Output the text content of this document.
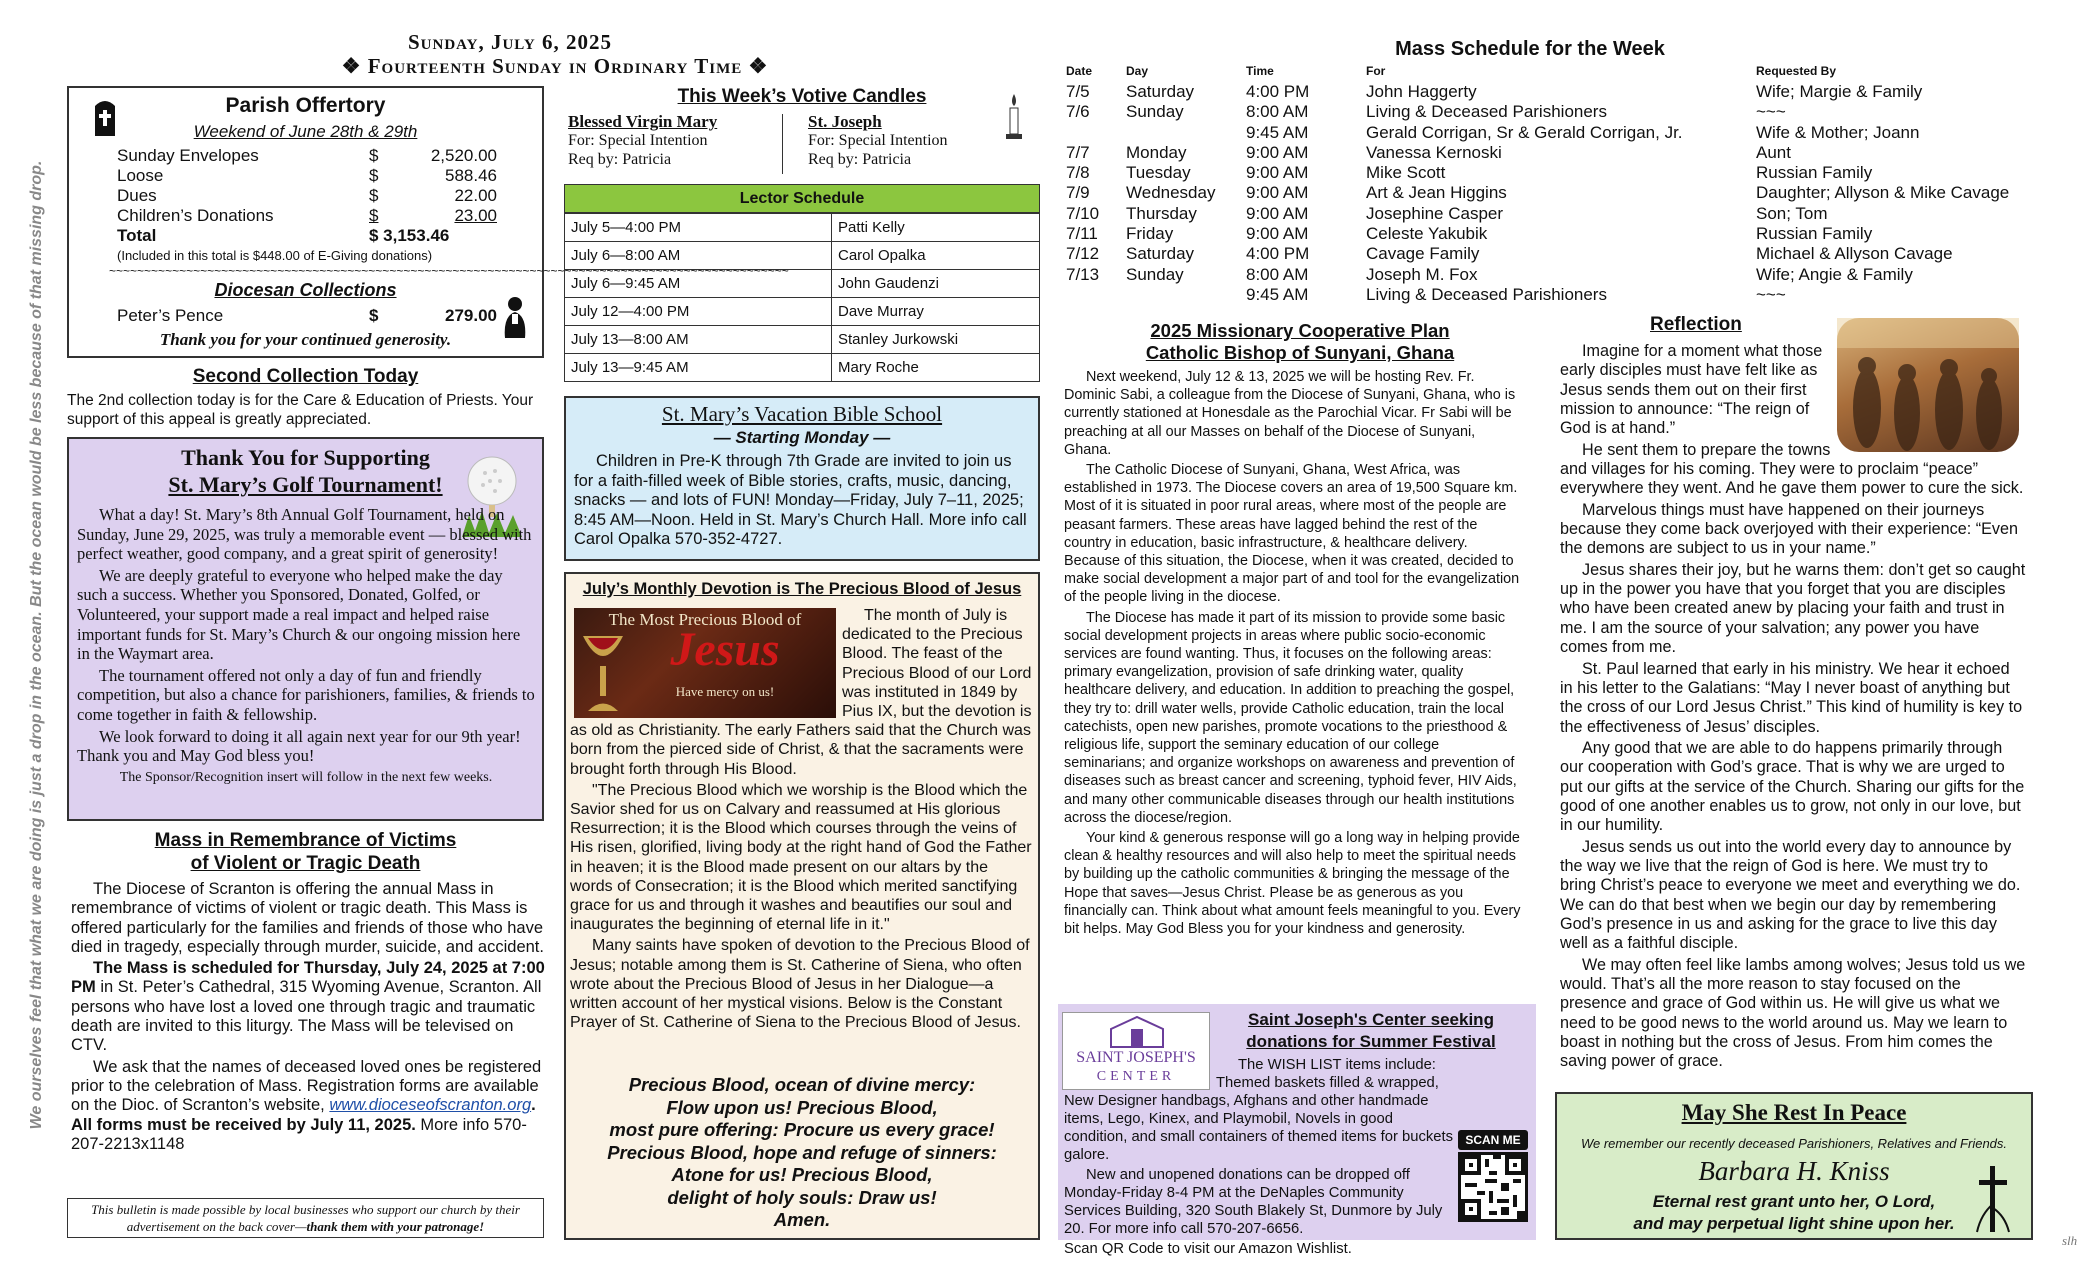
We ourselves feel that what we are doing is just a drop in the ocean. But the ocean would be less because of that missing drop.
Sunday, July 6, 2025
❖ Fourteenth Sunday in Ordinary Time ❖
Parish Offertory
Weekend of June 28th & 29th
Sunday Envelopes	$	2,520.00
Loose	$	588.46
Dues	$	22.00
Children’s Donations	$	23.00
Total	$ 3,153.46
(Included in this total is $448.00 of E-Giving donations)
~~~~~~~~~~~~~~~~~~~~~~~~~~~~~~~~~~~~~~~~~~~~~~~~~~~~~~~~~~~~~~~~~~~~~~~~~~~~~~~~~~~~~~~~~~~~~~~~~
Diocesan Collections
Peter’s Pence	$	279.00
Thank you for your continued generosity.
Second Collection Today
The 2nd collection today is for the Care & Education of Priests. Your support of this appeal is greatly appreciated.
Thank You for Supporting
St. Mary’s Golf Tournament!

What a day! St. Mary’s 8th Annual Golf Tournament, held on Sunday, June 29, 2025, was truly a memorable event — blessed with perfect weather, good company, and a great spirit of generosity!

We are deeply grateful to everyone who helped make the day such a success. Whether you Sponsored, Donated, Golfed, or Volunteered, your support made a real impact and helped raise important funds for St. Mary’s Church & our ongoing mission here in the Waymart area.

The tournament offered not only a day of fun and friendly competition, but also a chance for parishioners, families, & friends to come together in faith & fellowship.

We look forward to doing it all again next year for our 9th year! Thank you and May God bless you!

The Sponsor/Recognition insert will follow in the next few weeks.

Mass in Remembrance of Victims
of Violent or Tragic Death

The Diocese of Scranton is offering the annual Mass in remembrance of victims of violent or tragic death. This Mass is offered particularly for the families and friends of those who have died in tragedy, especially through murder, suicide, and accident.

The Mass is scheduled for Thursday, July 24, 2025 at 7:00 PM in St. Peter’s Cathedral, 315 Wyoming Avenue, Scranton. All persons who have lost a loved one through tragic and traumatic death are invited to this liturgy. The Mass will be televised on CTV.

We ask that the names of deceased loved ones be registered prior to the celebration of Mass. Registration forms are available on the Dioc. of Scranton’s website, www.dioceseofscranton.org. All forms must be received by July 11, 2025. More info 570-207-2213x1148

This bulletin is made possible by local businesses who support our church by their advertisement on the back cover—thank them with your patronage!
This Week’s Votive Candles
Blessed Virgin Mary
For: Special Intention
Req by: Patricia
St. Joseph
For: Special Intention
Req by: Patricia
Lector Schedule
July 5—4:00 PM	Patti Kelly
July 6—8:00 AM	Carol Opalka
July 6—9:45 AM	John Gaudenzi
July 12—4:00 PM	Dave Murray
July 13—8:00 AM	Stanley Jurkowski
July 13—9:45 AM	Mary Roche
St. Mary’s Vacation Bible School
— Starting Monday —
Children in Pre-K through 7th Grade are invited to join us for a faith-filled week of Bible stories, crafts, music, dancing, snacks — and lots of FUN! Monday—Friday, July 7–11, 2025; 8:45 AM—Noon. Held in St. Mary’s Church Hall. More info call Carol Opalka 570-352-4727.
July’s Monthly Devotion is The Precious Blood of Jesus
The Most Precious Blood of
Jesus
Have mercy on us!

The month of July is dedicated to the Precious Blood. The feast of the Precious Blood of our Lord was instituted in 1849 by Pius IX, but the devotion is as old as Christianity. The early Fathers said that the Church was born from the pierced side of Christ, & that the sacraments were brought forth through His Blood.

"The Precious Blood which we worship is the Blood which the Savior shed for us on Calvary and reassumed at His glorious Resurrection; it is the Blood which courses through the veins of His risen, glorified, living body at the right hand of God the Father in heaven; it is the Blood made present on our altars by the words of Consecration; it is the Blood which merited sanctifying grace for us and through it washes and beautifies our soul and inaugurates the beginning of eternal life in it."

Many saints have spoken of devotion to the Precious Blood of Jesus; notable among them is St. Catherine of Siena, who often wrote about the Precious Blood of Jesus in her Dialogue—a written account of her mystical visions. Below is the Constant Prayer of St. Catherine of Siena to the Precious Blood of Jesus.

Precious Blood, ocean of divine mercy:
Flow upon us! Precious Blood,
most pure offering: Procure us every grace!
Precious Blood, hope and refuge of sinners:
Atone for us! Precious Blood,
delight of holy souls: Draw us!
Amen.
Mass Schedule for the Week
Date	Day	Time	For	Requested By
7/5 Saturday	4:00 PM	John Haggerty	Wife; Margie & Family
7/6 Sunday	8:00 AM	Living & Deceased Parishioners	~~~
9:45 AM	Gerald Corrigan, Sr & Gerald Corrigan, Jr.	Wife & Mother; Joann
7/7 Monday	9:00 AM	Vanessa Kernoski	Aunt
7/8 Tuesday	9:00 AM	Mike Scott	Russian Family
7/9 Wednesday 9:00 AM	Art & Jean Higgins	Daughter; Allyson & Mike Cavage
7/10 Thursday	9:00 AM	Josephine Casper	Son; Tom
7/11 Friday	9:00 AM	Celeste Yakubik	Russian Family
7/12 Saturday	4:00 PM	Cavage Family	Michael & Allyson Cavage
7/13 Sunday	8:00 AM	Joseph M. Fox	Wife; Angie & Family
9:45 AM	Living & Deceased Parishioners	~~~
2025 Missionary Cooperative Plan
Catholic Bishop of Sunyani, Ghana

Next weekend, July 12 & 13, 2025 we will be hosting Rev. Fr. Dominic Sabi, a colleague from the Diocese of Sunyani, Ghana, who is currently stationed at Honesdale as the Parochial Vicar. Fr Sabi will be preaching at all our Masses on behalf of the Diocese of Sunyani, Ghana.

The Catholic Diocese of Sunyani, Ghana, West Africa, was established in 1973. The Diocese covers an area of 19,500 Square km. Most of it is situated in poor rural areas, where most of the people are peasant farmers. These areas have lagged behind the rest of the country in education, basic infrastructure, & healthcare delivery. Because of this situation, the Diocese, when it was created, decided to make social development a major part of and tool for the evangelization of the people living in the diocese.

The Diocese has made it part of its mission to provide some basic social development projects in areas where public socio-economic services are found wanting. Thus, it focuses on the following areas: primary evangelization, provision of safe drinking water, quality healthcare delivery, and education. In addition to preaching the gospel, they try to: drill water wells, provide Catholic education, train the local catechists, open new parishes, promote vocations to the priesthood & religious life, support the seminary education of our college seminarians; and organize workshops on awareness and prevention of diseases such as breast cancer and screening, typhoid fever, HIV Aids, and many other communicable diseases through our health institutions across the diocese/region.

Your kind & generous response will go a long way in helping provide clean & healthy resources and will also help to meet the spiritual needs by building up the catholic communities & bringing the message of the Hope that saves—Jesus Christ. Please be as generous as you financially can. Think about what amount feels meaningful to you. Every bit helps. May God Bless you for your kindness and generosity.

SAINT JOSEPH'S
CENTER
Saint Joseph's Center seeking
donations for Summer Festival

The WISH LIST items include: Themed baskets filled & wrapped, New Designer handbags, Afghans and other handmade items, Lego, Kinex, and Playmobil, Novels in good condition, and small containers of themed items for buckets galore.

New and unopened donations can be dropped off Monday-Friday 8-4 PM at the DeNaples Community Services Building, 320 South Blakely St, Dunmore by July 20. For more info call 570-207-6656.

Scan QR Code to visit our Amazon Wishlist.

SCAN ME
Reflection

Imagine for a moment what those early disciples must have felt like as Jesus sends them out on their first mission to announce: “The reign of God is at hand.”

He sent them to prepare the towns and villages for his coming. They were to proclaim “peace” everywhere they went. And he gave them power to cure the sick.

Marvelous things must have happened on their journeys because they come back overjoyed with their experience: “Even the demons are subject to us in your name.”

Jesus shares their joy, but he warns them: don’t get so caught up in the power you have that you forget that you are disciples who have been created anew by placing your faith and trust in me. I am the source of your salvation; any power you have comes from me.

St. Paul learned that early in his ministry. We hear it echoed in his letter to the Galatians: “May I never boast of anything but the cross of our Lord Jesus Christ.” This kind of humility is key to the effectiveness of Jesus’ disciples.

Any good that we are able to do happens primarily through our cooperation with God’s grace. That is why we are urged to put our gifts at the service of the Church. Sharing our gifts for the good of one another enables us to grow, not only in our love, but in our humility.

Jesus sends us out into the world every day to announce by the way we live that the reign of God is here. We must try to bring Christ’s peace to everyone we meet and everything we do. We can do that best when we begin our day by remembering God’s presence in us and asking for the grace to live this day well as a faithful disciple.

We may often feel like lambs among wolves; Jesus told us we would. That’s all the more reason to stay focused on the presence and grace of God within us. He will give us what we need to be good news to the world around us. May we learn to boast in nothing but the cross of Jesus. From him comes the saving power of grace.

May She Rest In Peace
We remember our recently deceased Parishioners, Relatives and Friends.
Barbara H. Kniss
Eternal rest grant unto her, O Lord,
and may perpetual light shine upon her.
slh
